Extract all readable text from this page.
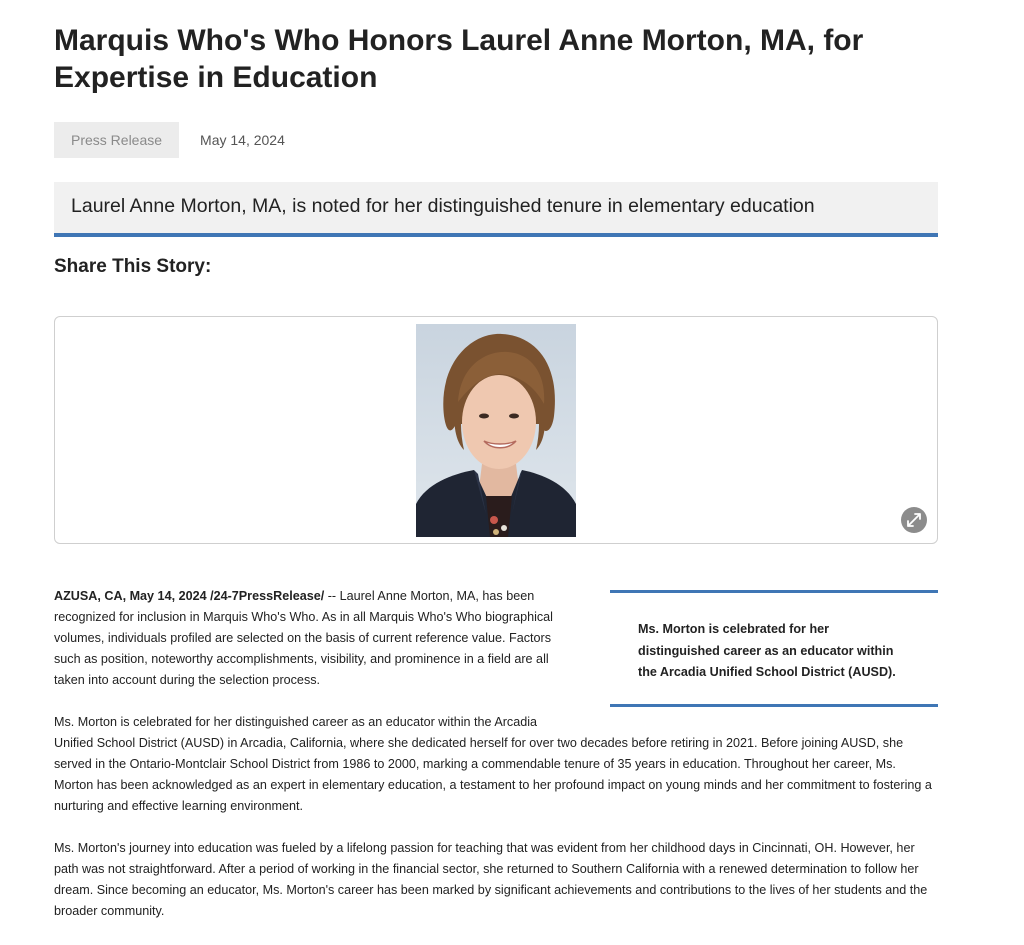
Marquis Who's Who Honors Laurel Anne Morton, MA, for Expertise in Education
Press Release	May 14, 2024
Laurel Anne Morton, MA, is noted for her distinguished tenure in elementary education
Share This Story:

Ms. Morton is celebrated for her distinguished career as an educator within the Arcadia Unified School District (AUSD).

AZUSA, CA, May 14, 2024 /24-7PressRelease/ -- Laurel Anne Morton, MA, has been recognized for inclusion in Marquis Who's Who. As in all Marquis Who's Who biographical volumes, individuals profiled are selected on the basis of current reference value. Factors such as position, noteworthy accomplishments, visibility, and prominence in a field are all taken into account during the selection process.

Ms. Morton is celebrated for her distinguished career as an educator within the Arcadia Unified School District (AUSD) in Arcadia, California, where she dedicated herself for over two decades before retiring in 2021. Before joining AUSD, she served in the Ontario-Montclair School District from 1986 to 2000, marking a commendable tenure of 35 years in education. Throughout her career, Ms. Morton has been acknowledged as an expert in elementary education, a testament to her profound impact on young minds and her commitment to fostering a nurturing and effective learning environment.

Ms. Morton's journey into education was fueled by a lifelong passion for teaching that was evident from her childhood days in Cincinnati, OH. However, her path was not straightforward. After a period of working in the financial sector, she returned to Southern California with a renewed determination to follow her dream. Since becoming an educator, Ms. Morton's career has been marked by significant achievements and contributions to the lives of her students and the broader community.
